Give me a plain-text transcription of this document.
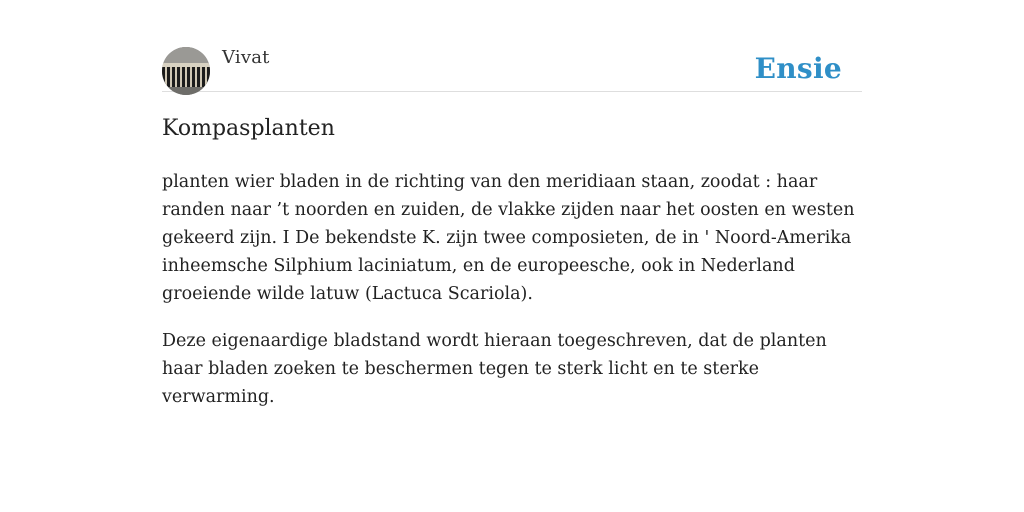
Vivat	Ensie
Kompasplanten

planten wier bladen in de richting van den meridiaan staan, zoodat : haar randen naar ’t noorden en zuiden, de vlakke zijden naar het oosten en westen gekeerd zijn. I De bekendste K. zijn twee composieten, de in ' Noord-Amerika inheemsche Silphium laciniatum, en de europeesche, ook in Nederland groeiende wilde latuw (Lactuca Scariola).

Deze eigenaardige bladstand wordt hieraan toegeschreven, dat de planten haar bladen zoeken te beschermen tegen te sterk licht en te sterke verwarming.
